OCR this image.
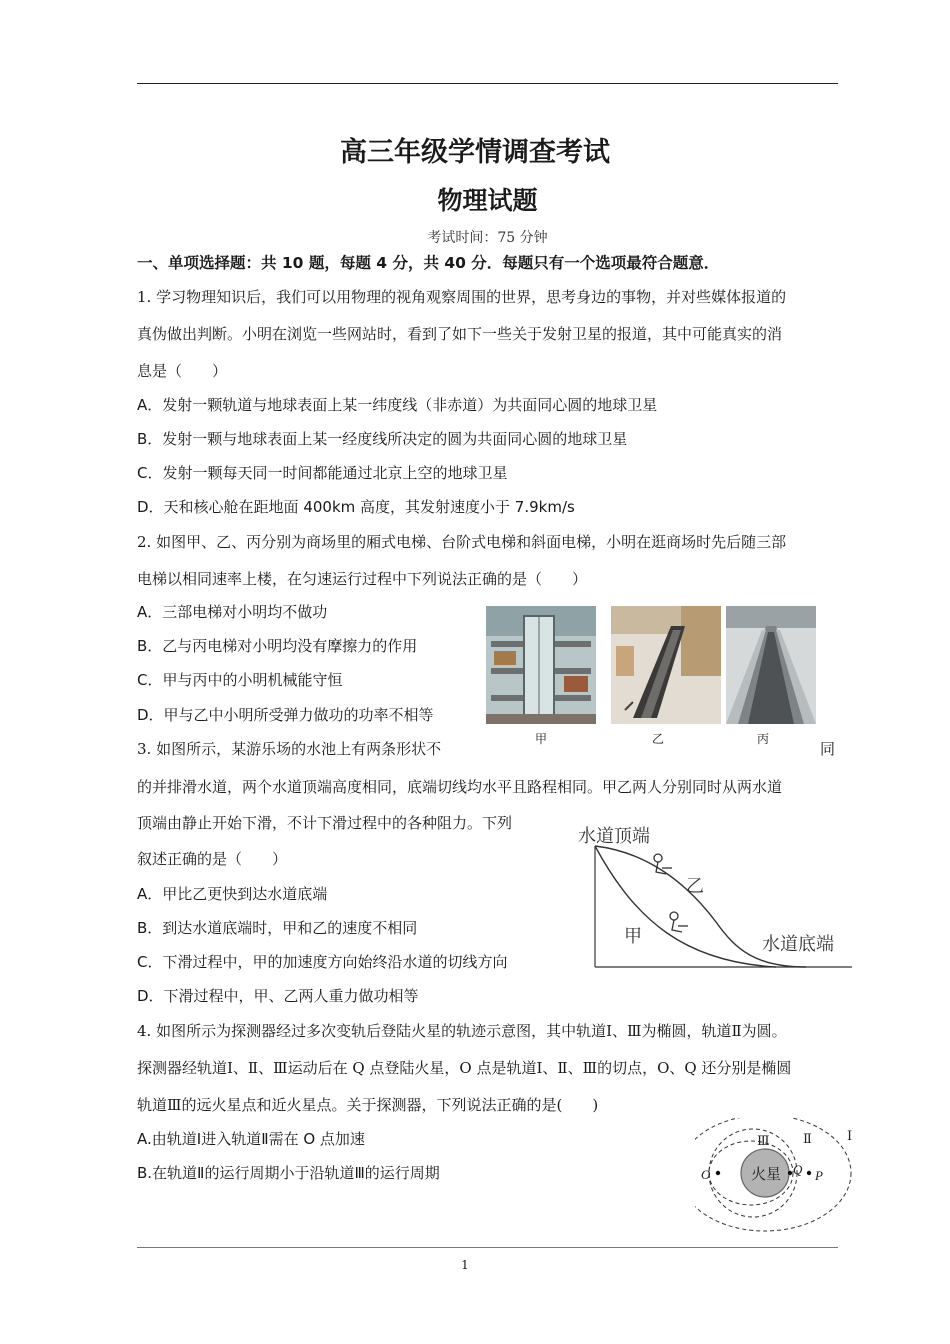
高三年级学情调查考试
物理试题
考试时间：75 分钟
一、单项选择题：共 10 题，每题 4 分，共 40 分．每题只有一个选项最符合题意．
1. 学习物理知识后，我们可以用物理的视角观察周围的世界，思考身边的事物，并对些媒体报道的
真伪做出判断。小明在浏览一些网站时，看到了如下一些关于发射卫星的报道，其中可能真实的消
息是（　　）
A．发射一颗轨道与地球表面上某一纬度线（非赤道）为共面同心圆的地球卫星
B．发射一颗与地球表面上某一经度线所决定的圆为共面同心圆的地球卫星
C．发射一颗每天同一时间都能通过北京上空的地球卫星
D．天和核心舱在距地面 400km 高度，其发射速度小于 7.9km/s
2. 如图甲、乙、丙分别为商场里的厢式电梯、台阶式电梯和斜面电梯，小明在逛商场时先后随三部
电梯以相同速率上楼，在匀速运行过程中下列说法正确的是（　　）
A．三部电梯对小明均不做功
B．乙与丙电梯对小明均没有摩擦力的作用
C．甲与丙中的小明机械能守恒
D．甲与乙中小明所受弹力做功的功率不相等
甲	乙	丙
3. 如图所示，某游乐场的水池上有两条形状不	同
的并排滑水道，两个水道顶端高度相同，底端切线均水平且路程相同。甲乙两人分别同时从两水道
顶端由静止开始下滑，不计下滑过程中的各种阻力。下列
叙述正确的是（　　）
A．甲比乙更快到达水道底端
B．到达水道底端时，甲和乙的速度不相同
C．下滑过程中，甲的加速度方向始终沿水道的切线方向
D．下滑过程中，甲、乙两人重力做功相等
水道顶端
乙
甲	水道底端
4. 如图所示为探测器经过多次变轨后登陆火星的轨迹示意图，其中轨道Ⅰ、Ⅲ为椭圆，轨道Ⅱ为圆。
探测器经轨道Ⅰ、Ⅱ、Ⅲ运动后在 Q 点登陆火星，O 点是轨道Ⅰ、Ⅱ、Ⅲ的切点，O、Q 还分别是椭圆
轨道Ⅲ的远火星点和近火星点。关于探测器，下列说法正确的是(　　)
A.由轨道Ⅰ进入轨道Ⅱ需在 O 点加速
B.在轨道Ⅱ的运行周期小于沿轨道Ⅲ的运行周期	火星
O	Q P
Ⅲ	Ⅱ	Ⅰ
1
